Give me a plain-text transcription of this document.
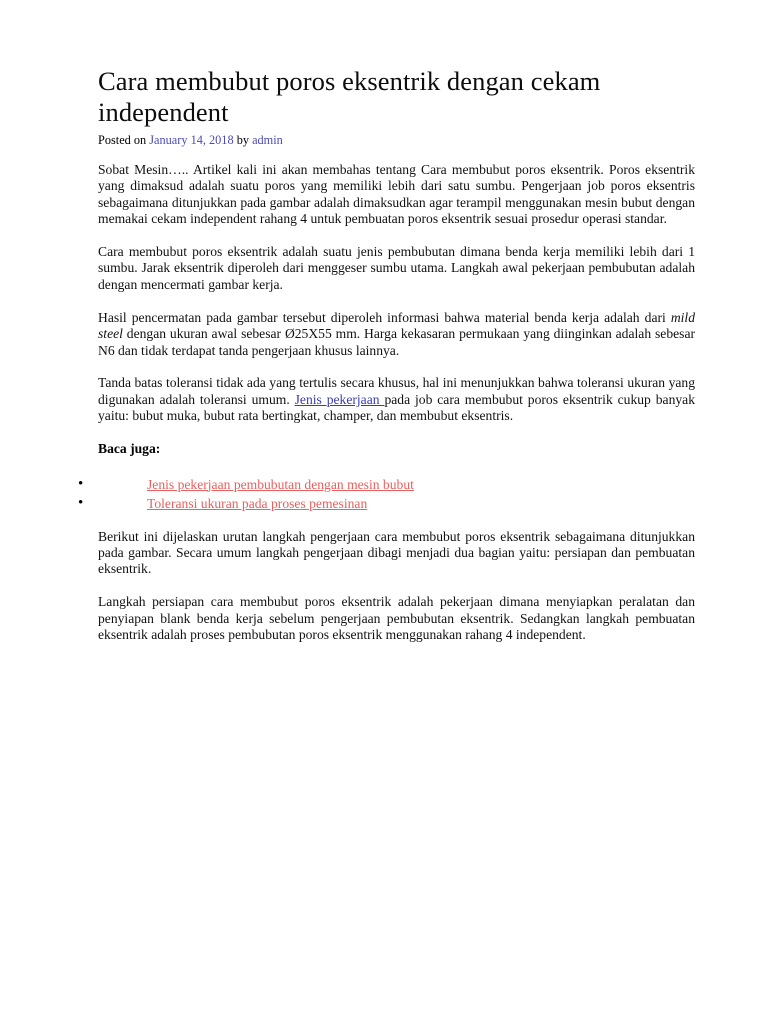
Cara membubut poros eksentrik dengan cekam independent
Posted on January 14, 2018 by admin

Sobat Mesin….. Artikel kali ini akan membahas tentang Cara membubut poros eksentrik. Poros eksentrik yang dimaksud adalah suatu poros yang memiliki lebih dari satu sumbu. Pengerjaan job poros eksentris sebagaimana ditunjukkan pada gambar adalah dimaksudkan agar terampil menggunakan mesin bubut dengan memakai cekam independent rahang 4 untuk pembuatan poros eksentrik sesuai prosedur operasi standar.

Cara membubut poros eksentrik adalah suatu jenis pembubutan dimana benda kerja memiliki lebih dari 1 sumbu. Jarak eksentrik diperoleh dari menggeser sumbu utama. Langkah awal pekerjaan pembubutan adalah dengan mencermati gambar kerja.

Hasil pencermatan pada gambar tersebut diperoleh informasi bahwa material benda kerja adalah dari mild steel dengan ukuran awal sebesar Ø25X55 mm. Harga kekasaran permukaan yang diinginkan adalah sebesar N6 dan tidak terdapat tanda pengerjaan khusus lainnya.

Tanda batas toleransi tidak ada yang tertulis secara khusus, hal ini menunjukkan bahwa toleransi ukuran yang digunakan adalah toleransi umum. Jenis pekerjaan pada job cara membubut poros eksentrik cukup banyak yaitu: bubut muka, bubut rata bertingkat, champer, dan membubut eksentris.

Baca juga:
•	Jenis pekerjaan pembubutan dengan mesin bubut
•	Toleransi ukuran pada proses pemesinan

Berikut ini dijelaskan urutan langkah pengerjaan cara membubut poros eksentrik sebagaimana ditunjukkan pada gambar. Secara umum langkah pengerjaan dibagi menjadi dua bagian yaitu: persiapan dan pembuatan eksentrik.

Langkah persiapan cara membubut poros eksentrik adalah pekerjaan dimana menyiapkan peralatan dan penyiapan blank benda kerja sebelum pengerjaan pembubutan eksentrik. Sedangkan langkah pembuatan eksentrik adalah proses pembubutan poros eksentrik menggunakan rahang 4 independent.
